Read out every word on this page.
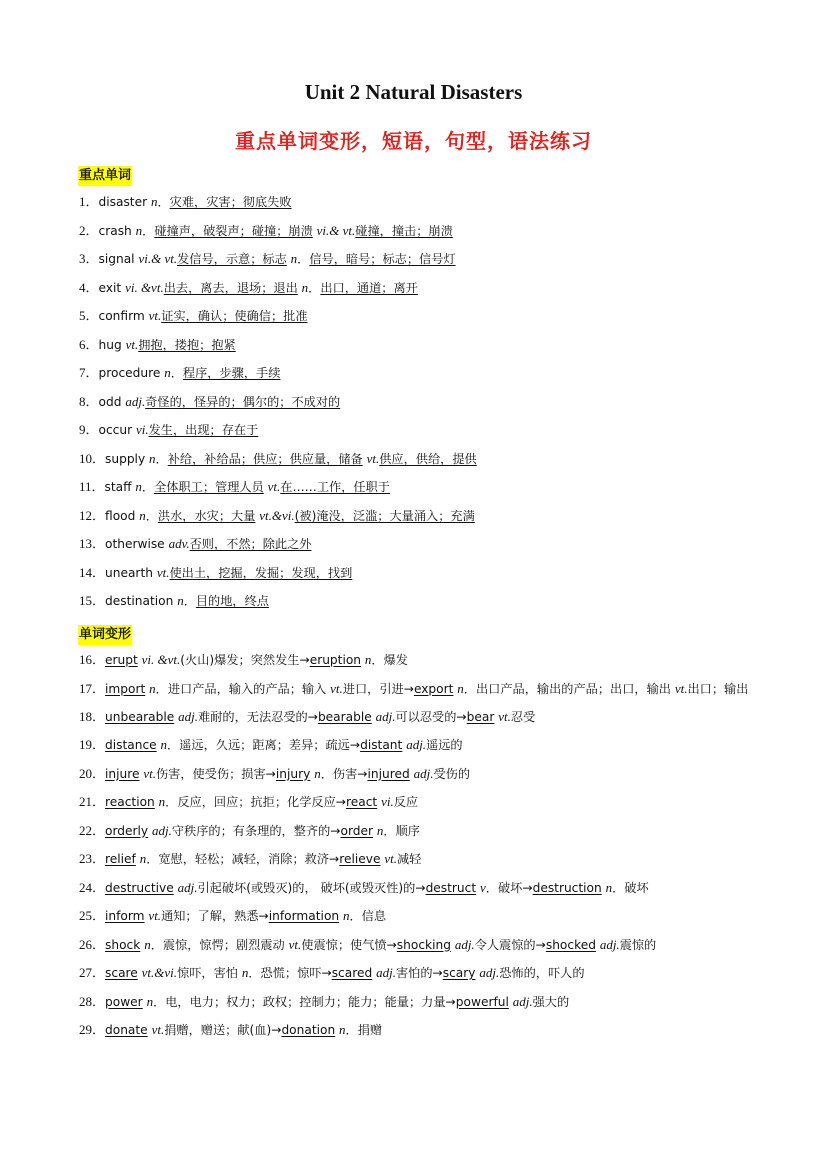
Unit 2 Natural Disasters
重点单词变形，短语，句型，语法练习
重点单词
1．disaster n．灾难，灾害；彻底失败
2．crash n．碰撞声，破裂声；碰撞；崩溃 vi.& vt.碰撞，撞击；崩溃
3．signal vi.& vt.发信号，示意；标志 n．信号，暗号；标志；信号灯
4．exit vi. &vt.出去，离去，退场；退出 n．出口，通道；离开
5．confirm vt.证实，确认；使确信；批准
6．hug vt.拥抱，搂抱；抱紧
7．procedure n．程序，步骤，手续
8．odd adj.奇怪的，怪异的；偶尔的；不成对的
9．occur vi.发生，出现；存在于
10．supply n．补给，补给品；供应；供应量，储备 vt.供应，供给，提供
11．staff n．全体职工；管理人员 vt.在……工作，任职于
12．flood n．洪水，水灾；大量 vt.&vi.(被)淹没，泛滥；大量涌入；充满
13．otherwise adv.否则，不然；除此之外
14．unearth vt.使出土，挖掘，发掘；发现，找到
15．destination n．目的地，终点
单词变形
16．erupt vi. &vt.(火山)爆发；突然发生→eruption n．爆发
17．import n．进口产品，输入的产品；输入 vt.进口，引进→export n．出口产品，输出的产品；出口，输出 vt.出口；输出
18．unbearable adj.难耐的，无法忍受的→bearable adj.可以忍受的→bear vt.忍受
19．distance n．遥远，久远；距离；差异；疏远→distant adj.遥远的
20．injure vt.伤害，使受伤；损害→injury n．伤害→injured adj.受伤的
21．reaction n．反应，回应；抗拒；化学反应→react vi.反应
22．orderly adj.守秩序的；有条理的，整齐的→order n．顺序
23．relief n．宽慰，轻松；减轻，消除；救济→relieve vt.减轻
24．destructive adj.引起破坏(或毁灭)的， 破坏(或毁灭性)的→destruct v．破坏→destruction n．破坏
25．inform vt.通知；了解，熟悉→information n．信息
26．shock n．震惊，惊愕；剧烈震动 vt.使震惊；使气愤→shocking adj.令人震惊的→shocked adj.震惊的
27．scare vt.&vi.惊吓，害怕 n．恐慌；惊吓→scared adj.害怕的→scary adj.恐怖的，吓人的
28．power n．电，电力；权力；政权；控制力；能力；能量；力量→powerful adj.强大的
29．donate vt.捐赠，赠送；献(血)→donation n．捐赠
